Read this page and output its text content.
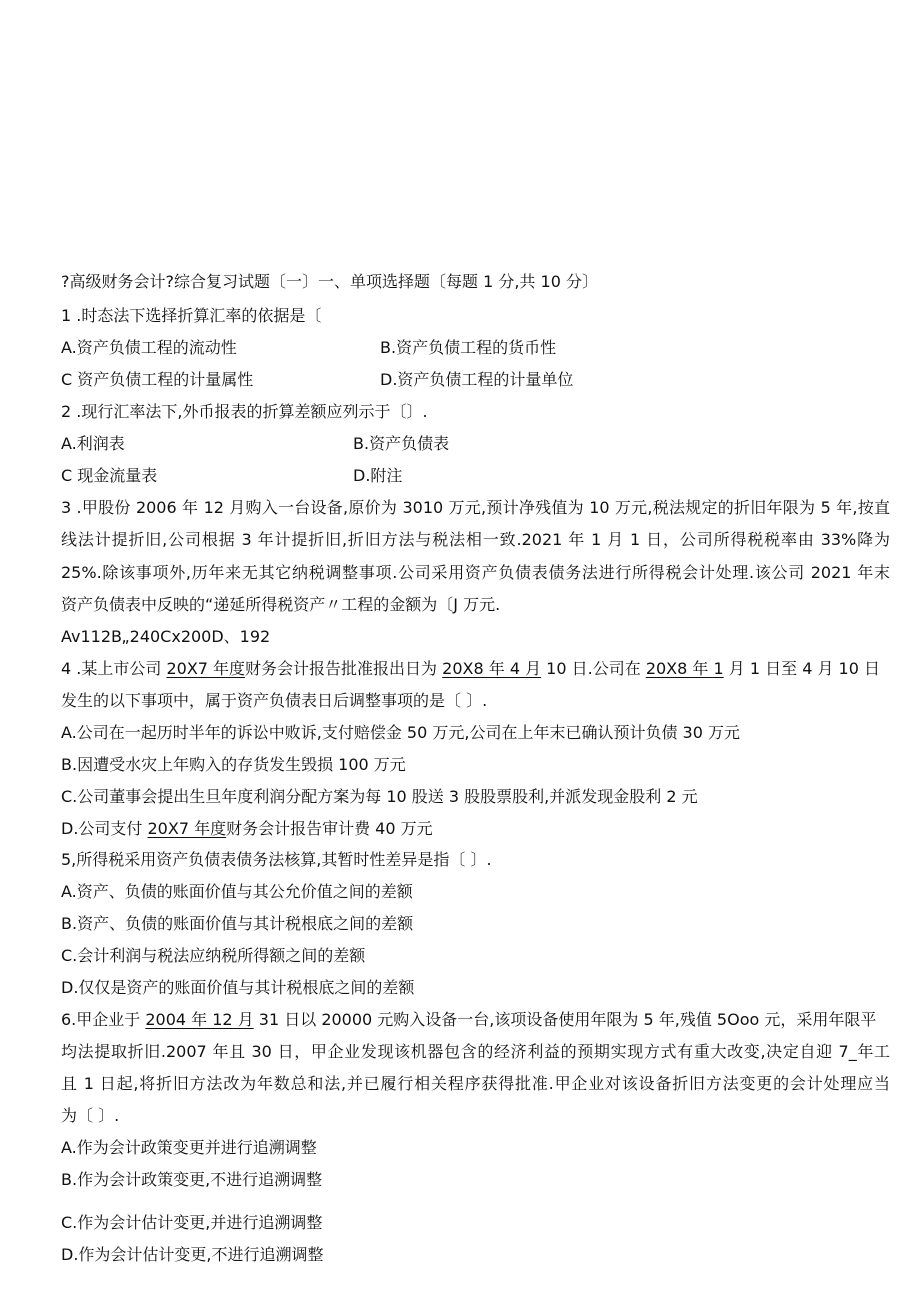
?高级财务会计?综合复习试题〔一〕一、单项选择题〔每题 1 分,共 10 分〕
1 .时态法下选择折算汇率的依据是〔
A.资产负债工程的流动性	B.资产负债工程的货币性
C 资产负债工程的计量属性	D.资产负债工程的计量单位
2 .现行汇率法下,外币报表的折算差额应列示于〔〕.
A.利润表	B.资产负债表
C 现金流量表	D.附注
3 .甲股份 2006 年 12 月购入一台设备,原价为 3010 万元,预计净残值为 10 万元,税法规定的折旧年限为 5 年,按直
线法计提折旧,公司根据 3 年计提折旧,折旧方法与税法相一致.2021 年 1 月 1 日，公司所得税税率由 33%降为
25%.除该事项外,历年来无其它纳税调整事项.公司采用资产负债表债务法进行所得税会计处理.该公司 2021 年末
资产负债表中反映的“递延所得税资产〃工程的金额为〔J 万元.
Av112B„240Cx200D、192
4 .某上市公司 20X7 年度财务会计报告批准报出日为 20X8 年 4 月 10 日.公司在 20X8 年 1 月 1 日至 4 月 10 日
发生的以下事项中，属于资产负债表日后调整事项的是〔 〕.
A.公司在一起历时半年的诉讼中败诉,支付赔偿金 50 万元,公司在上年末已确认预计负债 30 万元
B.因遭受水灾上年购入的存货发生毁损 100 万元
C.公司董事会提出生旦年度利润分配方案为每 10 股送 3 股股票股利,并派发现金股利 2 元
D.公司支付 20X7 年度财务会计报告审计费 40 万元
5,所得税采用资产负债表债务法核算,其暂时性差异是指〔 〕.
A.资产、负债的账面价值与其公允价值之间的差额
B.资产、负债的账面价值与其计税根底之间的差额
C.会计利润与税法应纳税所得额之间的差额
D.仅仅是资产的账面价值与其计税根底之间的差额
6.甲企业于 2004 年 12 月 31 日以 20000 元购入设备一台,该项设备使用年限为 5 年,残值 5Ooo 元，采用年限平
均法提取折旧.2007 年且 30 日，甲企业发现该机器包含的经济利益的预期实现方式有重大改变,决定自迎 7_年工
且 1 日起,将折旧方法改为年数总和法,并已履行相关程序获得批准.甲企业对该设备折旧方法变更的会计处理应当
为〔 〕.
A.作为会计政策变更并进行追溯调整
B.作为会计政策变更,不进行追溯调整
C.作为会计估计变更,并进行追溯调整
D.作为会计估计变更,不进行追溯调整
